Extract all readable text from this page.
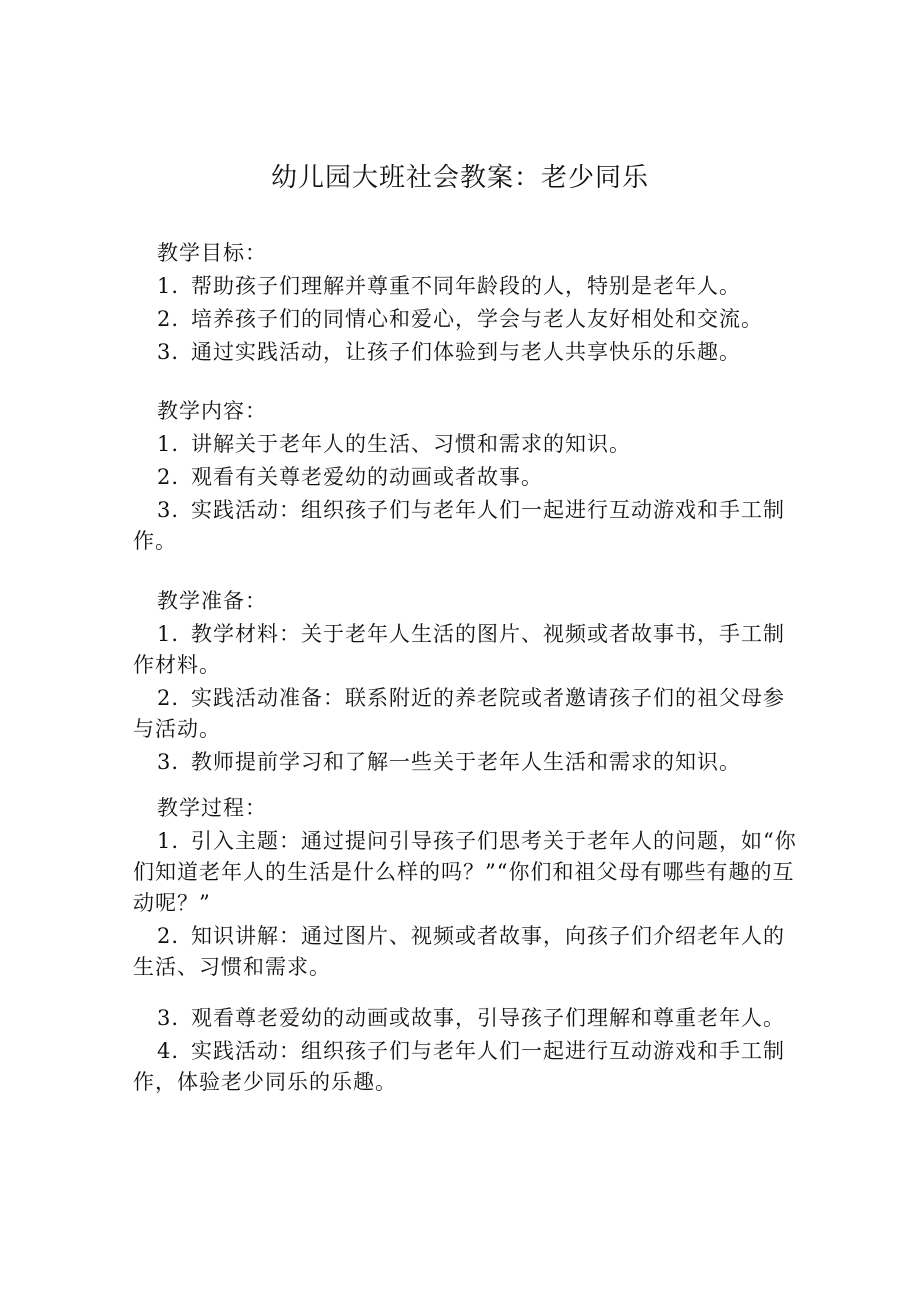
幼儿园大班社会教案：老少同乐
教学目标：
1. 帮助孩子们理解并尊重不同年龄段的人，特别是老年人。
2. 培养孩子们的同情心和爱心，学会与老人友好相处和交流。
3. 通过实践活动，让孩子们体验到与老人共享快乐的乐趣。
教学内容：
1. 讲解关于老年人的生活、习惯和需求的知识。
2. 观看有关尊老爱幼的动画或者故事。
3. 实践活动：组织孩子们与老年人们一起进行互动游戏和手工制作。
教学准备：
1. 教学材料：关于老年人生活的图片、视频或者故事书，手工制作材料。
2. 实践活动准备：联系附近的养老院或者邀请孩子们的祖父母参与活动。
3. 教师提前学习和了解一些关于老年人生活和需求的知识。
教学过程：
1. 引入主题：通过提问引导孩子们思考关于老年人的问题，如“你们知道老年人的生活是什么样的吗？”“你们和祖父母有哪些有趣的互动呢？”
2. 知识讲解：通过图片、视频或者故事，向孩子们介绍老年人的生活、习惯和需求。
3. 观看尊老爱幼的动画或故事，引导孩子们理解和尊重老年人。
4. 实践活动：组织孩子们与老年人们一起进行互动游戏和手工制作，体验老少同乐的乐趣。
